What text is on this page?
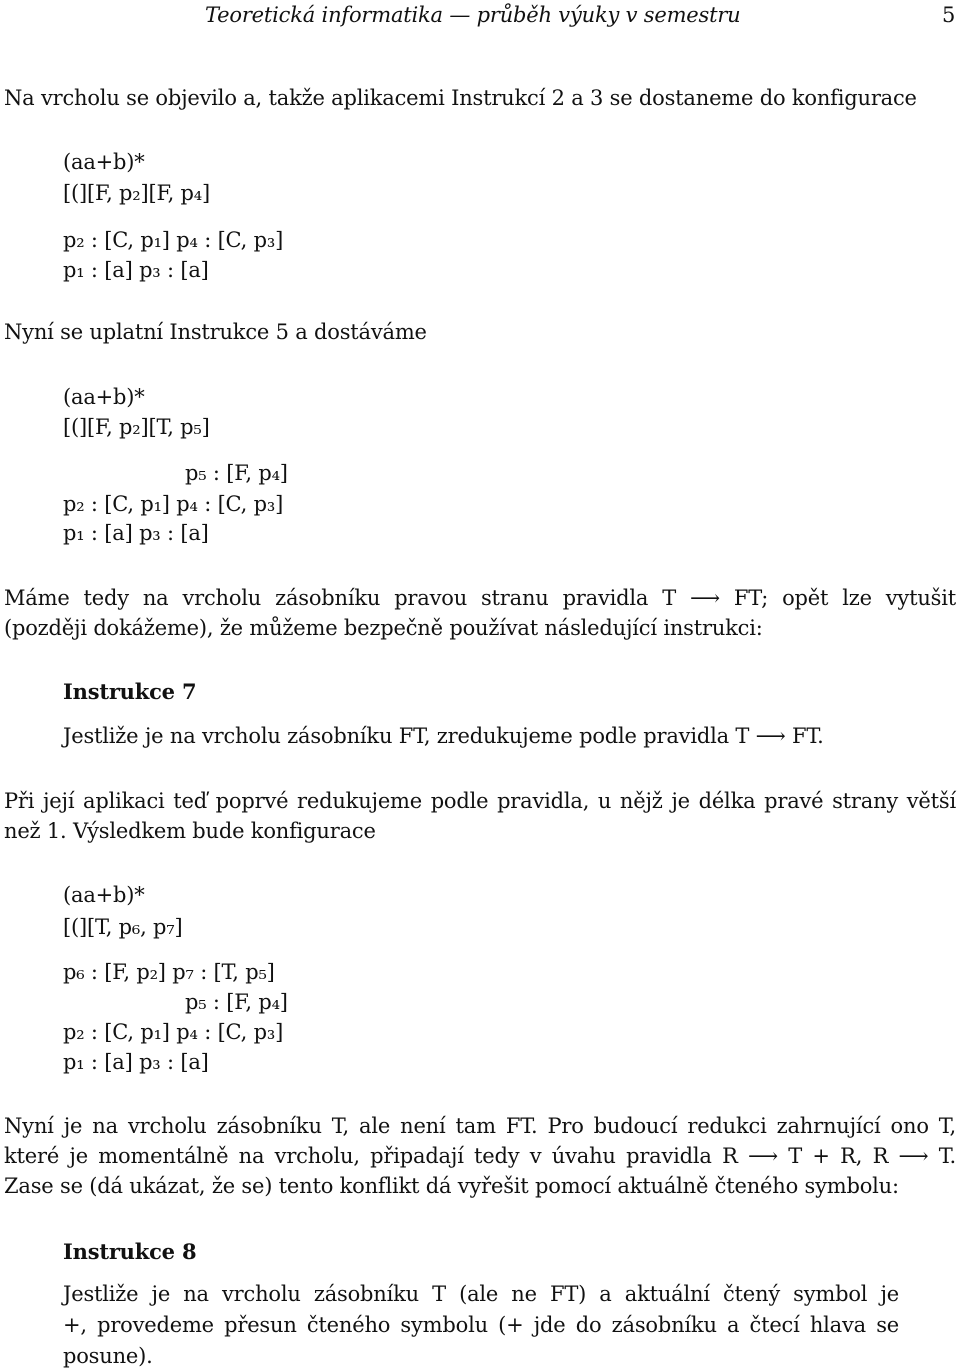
Teoretická informatika — průběh výuky v semestru	5
Na vrcholu se objevilo a, takže aplikacemi Instrukcí 2 a 3 se dostaneme do konfigurace
(aa+b)*
[(][F, p₂][F, p₄]
p₂ : [C, p₁] p₄ : [C, p₃]
p₁ : [a] p₃ : [a]
Nyní se uplatní Instrukce 5 a dostáváme
(aa+b)*
[(][F, p₂][T, p₅]
p₅ : [F, p₄]
p₂ : [C, p₁] p₄ : [C, p₃]
p₁ : [a] p₃ : [a]
Máme tedy na vrcholu zásobníku pravou stranu pravidla T ⟶ FT; opět lze vytušit
(později dokážeme), že můžeme bezpečně používat následující instrukci:
Instrukce 7
Jestliže je na vrcholu zásobníku FT, zredukujeme podle pravidla T ⟶ FT.
Při její aplikaci teď poprvé redukujeme podle pravidla, u nějž je délka pravé strany větší
než 1. Výsledkem bude konfigurace
(aa+b)*
[(][T, p₆, p₇]
p₆ : [F, p₂] p₇ : [T, p₅]
p₅ : [F, p₄]
p₂ : [C, p₁] p₄ : [C, p₃]
p₁ : [a] p₃ : [a]
Nyní je na vrcholu zásobníku T, ale není tam FT. Pro budoucí redukci zahrnující ono T,
které je momentálně na vrcholu, připadají tedy v úvahu pravidla R ⟶ T + R, R ⟶ T.
Zase se (dá ukázat, že se) tento konflikt dá vyřešit pomocí aktuálně čteného symbolu:
Instrukce 8
Jestliže je na vrcholu zásobníku T (ale ne FT) a aktuální čtený symbol je
+, provedeme přesun čteného symbolu (+ jde do zásobníku a čtecí hlava se
posune).
